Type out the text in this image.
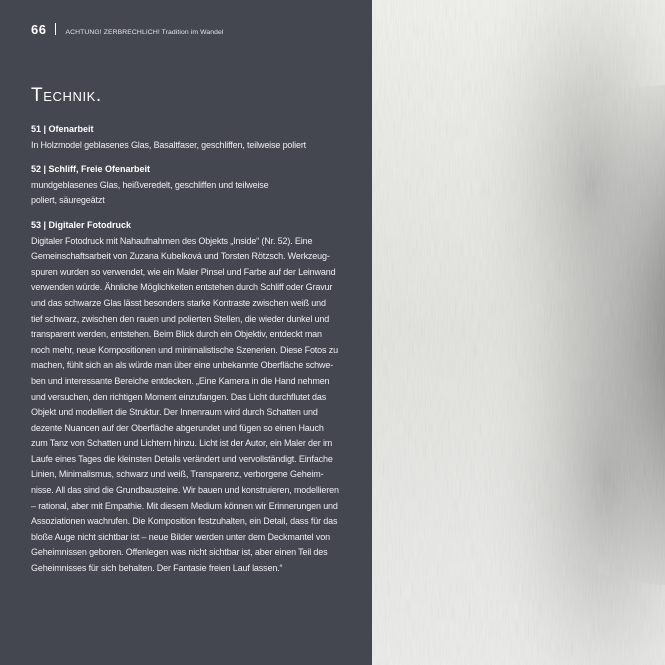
66	ACHTUNG! ZERBRECHLICH! Tradition im Wandel
Technik.
51 | Ofenarbeit
In Holzmodel geblasenes Glas, Basaltfaser, geschliffen, teilweise poliert
52 | Schliff, Freie Ofenarbeit
mundgeblasenes Glas, heißveredelt, geschliffen und teilweise
poliert, säuregeätzt
53 | Digitaler Fotodruck
Digitaler Fotodruck mit Nahaufnahmen des Objekts „Inside“ (Nr. 52). Eine
Gemeinschaftsarbeit von Zuzana Kubelková und Torsten Rötzsch. Werkzeug-
spuren wurden so verwendet, wie ein Maler Pinsel und Farbe auf der Leinwand
verwenden würde. Ähnliche Möglichkeiten entstehen durch Schliff oder Gravur
und das schwarze Glas lässt besonders starke Kontraste zwischen weiß und
tief schwarz, zwischen den rauen und polierten Stellen, die wieder dunkel und
transparent werden, entstehen. Beim Blick durch ein Objektiv, entdeckt man
noch mehr, neue Kompositionen und minimalistische Szenerien. Diese Fotos zu
machen, fühlt sich an als würde man über eine unbekannte Oberfläche schwe-
ben und interessante Bereiche entdecken. „Eine Kamera in die Hand nehmen
und versuchen, den richtigen Moment einzufangen. Das Licht durchflutet das
Objekt und modelliert die Struktur. Der Innenraum wird durch Schatten und
dezente Nuancen auf der Oberfläche abgerundet und fügen so einen Hauch
zum Tanz von Schatten und Lichtern hinzu. Licht ist der Autor, ein Maler der im
Laufe eines Tages die kleinsten Details verändert und vervollständigt. Einfache
Linien, Minimalismus, schwarz und weiß, Transparenz, verborgene Geheim-
nisse. All das sind die Grundbausteine. Wir bauen und konstruieren, modellieren
– rational, aber mit Empathie. Mit diesem Medium können wir Erinnerungen und
Assoziationen wachrufen. Die Komposition festzuhalten, ein Detail, dass für das
bloße Auge nicht sichtbar ist – neue Bilder werden unter dem Deckmantel von
Geheimnissen geboren. Offenlegen was nicht sichtbar ist, aber einen Teil des
Geheimnisses für sich behalten. Der Fantasie freien Lauf lassen.“
